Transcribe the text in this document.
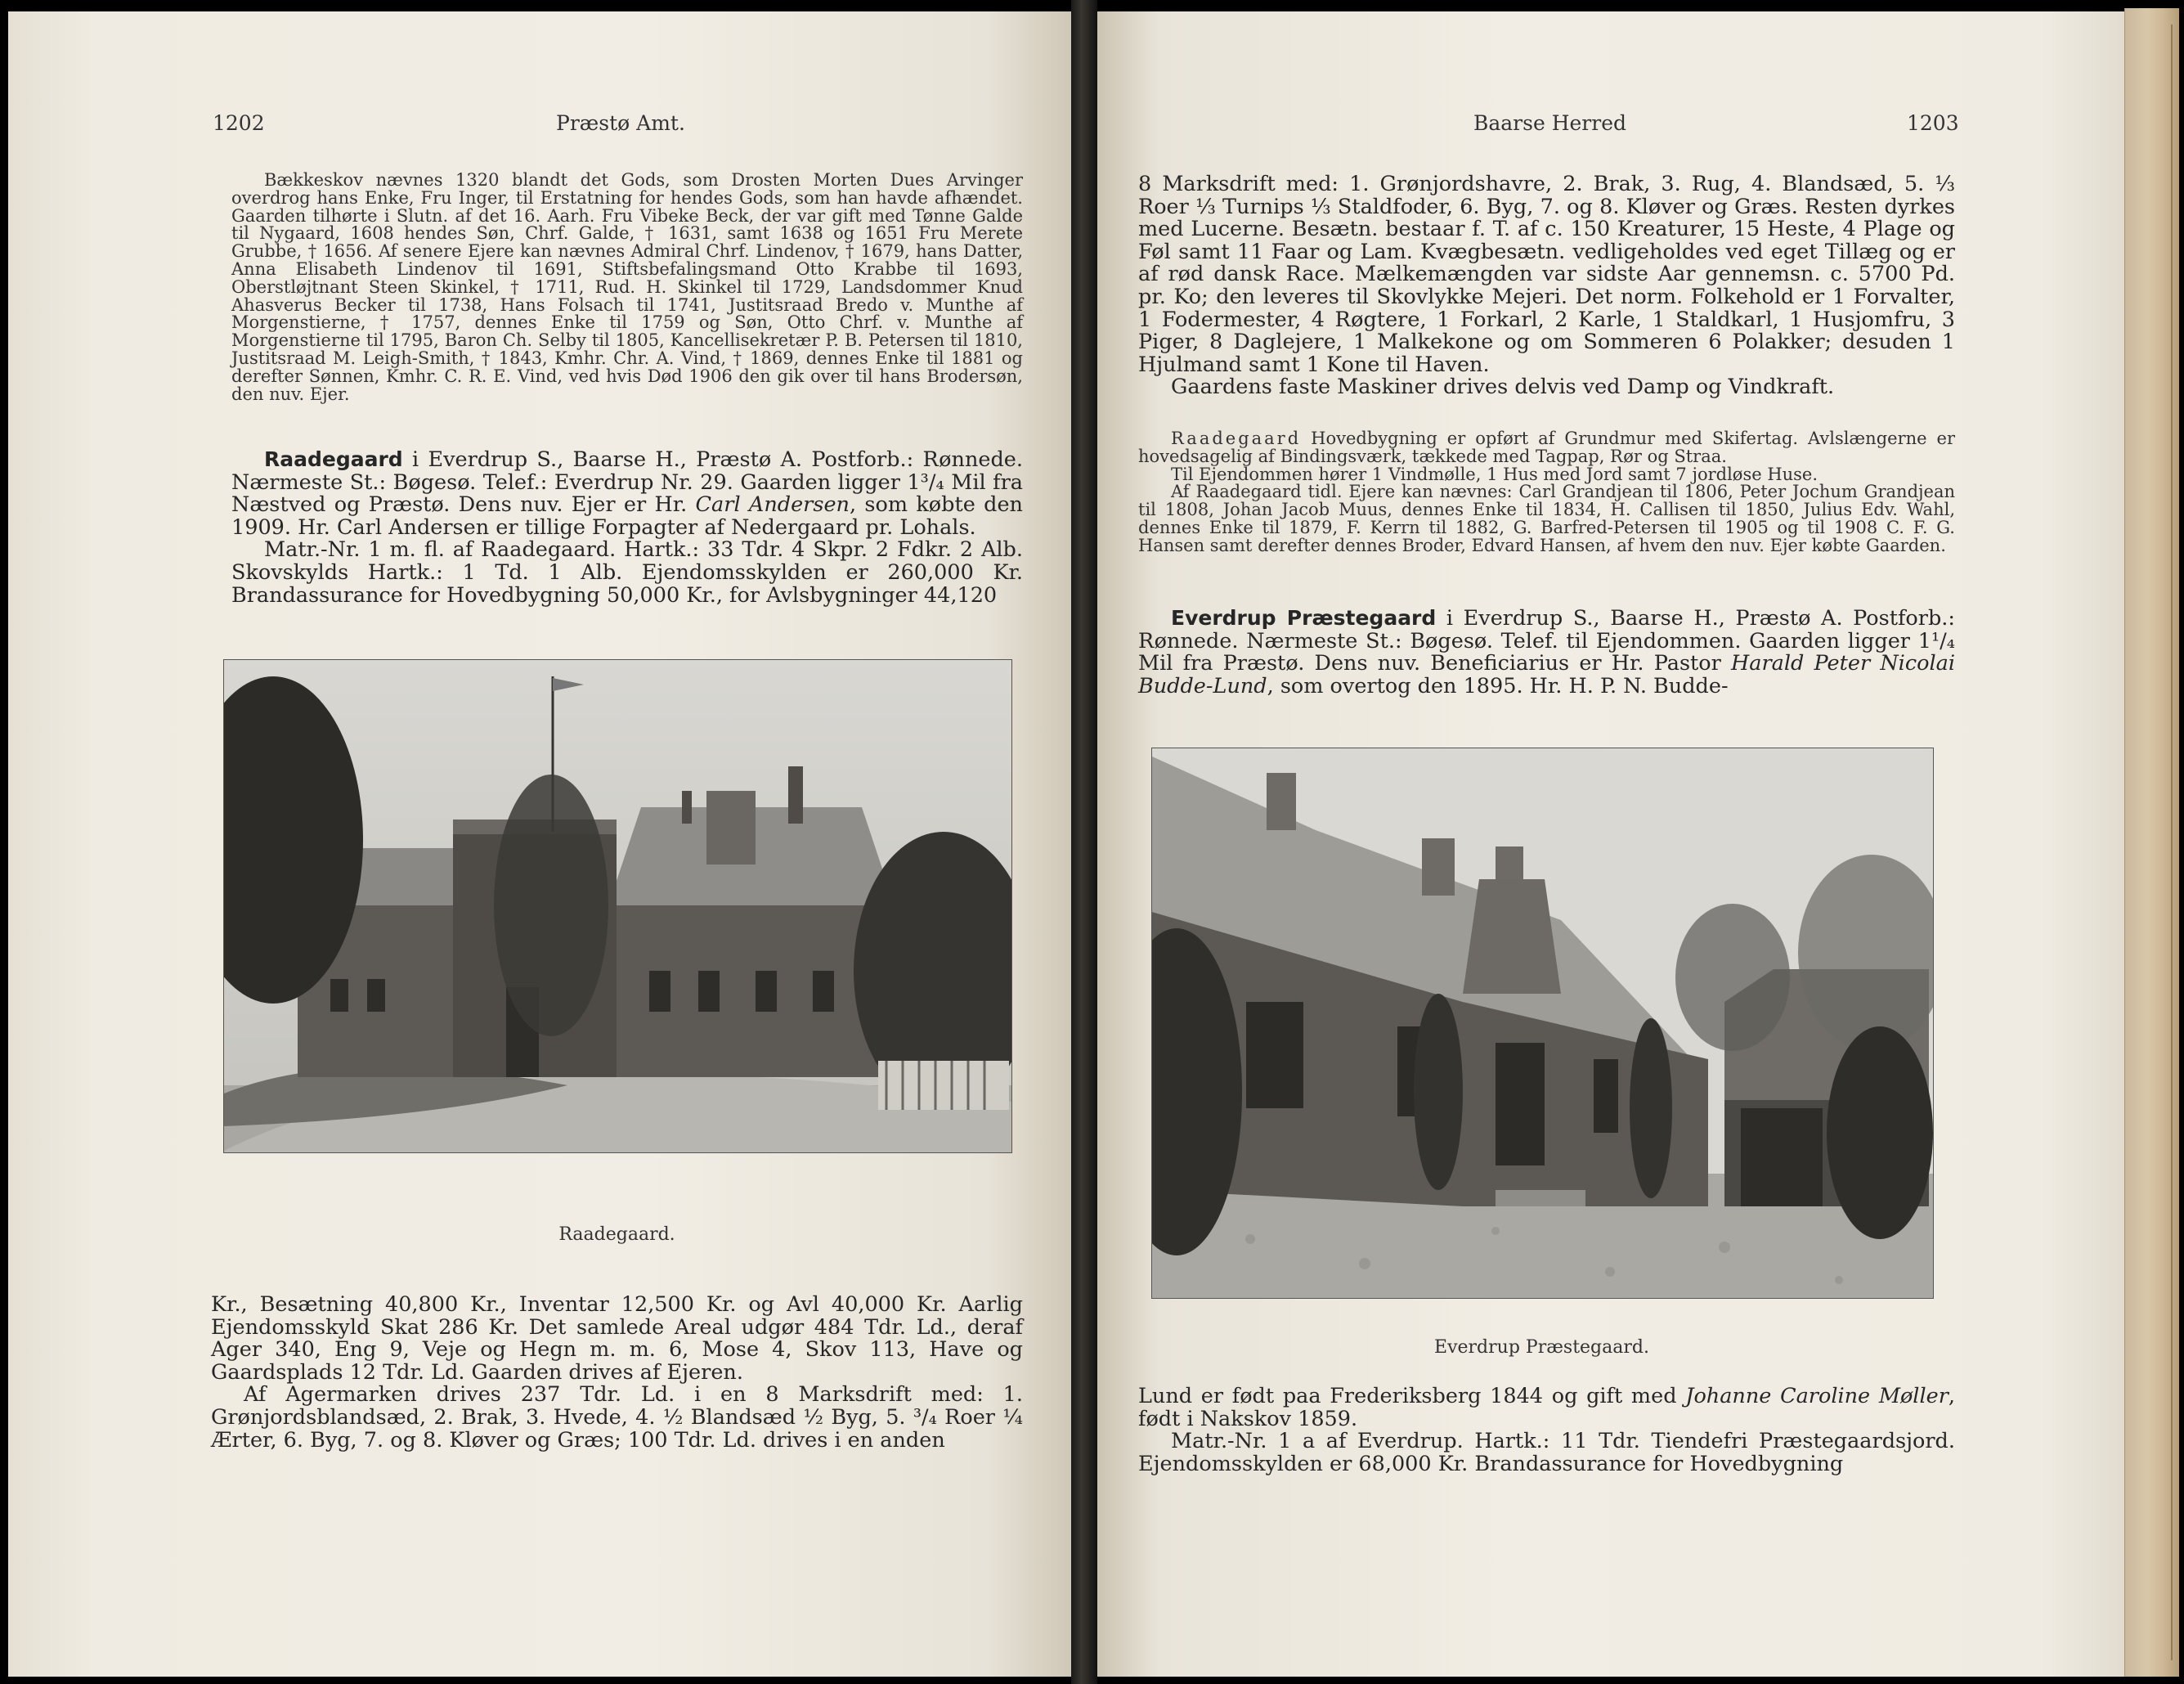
1202	Præstø Amt.

Bækkeskov nævnes 1320 blandt det Gods, som Drosten Morten Dues Arvinger overdrog hans Enke, Fru Inger, til Erstatning for hendes Gods, som han havde afhændet. Gaarden tilhørte i Slutn. af det 16. Aarh. Fru Vibeke Beck, der var gift med Tønne Galde til Nygaard, 1608 hendes Søn, Chrf. Galde, † 1631, samt 1638 og 1651 Fru Merete Grubbe, † 1656. Af senere Ejere kan nævnes Admiral Chrf. Lindenov, † 1679, hans Datter, Anna Elisabeth Lindenov til 1691, Stiftsbefalingsmand Otto Krabbe til 1693, Oberstløjtnant Steen Skinkel, † 1711, Rud. H. Skinkel til 1729, Landsdommer Knud Ahasverus Becker til 1738, Hans Folsach til 1741, Justitsraad Bredo v. Munthe af Morgenstierne, † 1757, dennes Enke til 1759 og Søn, Otto Chrf. v. Munthe af Morgenstierne til 1795, Baron Ch. Selby til 1805, Kancellisekretær P. B. Petersen til 1810, Justitsraad M. Leigh-Smith, † 1843, Kmhr. Chr. A. Vind, † 1869, dennes Enke til 1881 og derefter Sønnen, Kmhr. C. R. E. Vind, ved hvis Død 1906 den gik over til hans Brodersøn, den nuv. Ejer.

Raadegaard i Everdrup S., Baarse H., Præstø A. Postforb.: Rønnede. Nærmeste St.: Bøgesø. Telef.: Everdrup Nr. 29. Gaarden ligger 1³/₄ Mil fra Næstved og Præstø. Dens nuv. Ejer er Hr. Carl Andersen, som købte den 1909. Hr. Carl Andersen er tillige Forpagter af Nedergaard pr. Lohals.

Matr.-Nr. 1 m. fl. af Raadegaard. Hartk.: 33 Tdr. 4 Skpr. 2 Fdkr. 2 Alb. Skovskylds Hartk.: 1 Td. 1 Alb. Ejendomsskylden er 260,000 Kr. Brandassurance for Hovedbygning 50,000 Kr., for Avlsbygninger 44,120

Raadegaard.

Kr., Besætning 40,800 Kr., Inventar 12,500 Kr. og Avl 40,000 Kr. Aarlig Ejendomsskyld Skat 286 Kr. Det samlede Areal udgør 484 Tdr. Ld., deraf Ager 340, Eng 9, Veje og Hegn m. m. 6, Mose 4, Skov 113, Have og Gaardsplads 12 Tdr. Ld. Gaarden drives af Ejeren.

Af Agermarken drives 237 Tdr. Ld. i en 8 Marksdrift med: 1. Grønjordsblandsæd, 2. Brak, 3. Hvede, 4. ½ Blandsæd ½ Byg, 5. ³/₄ Roer ¼ Ærter, 6. Byg, 7. og 8. Kløver og Græs; 100 Tdr. Ld. drives i en anden

Baarse Herred	1203

8 Marksdrift med: 1. Grønjordshavre, 2. Brak, 3. Rug, 4. Blandsæd, 5. ⅓ Roer ⅓ Turnips ⅓ Staldfoder, 6. Byg, 7. og 8. Kløver og Græs. Resten dyrkes med Lucerne. Besætn. bestaar f. T. af c. 150 Kreaturer, 15 Heste, 4 Plage og Føl samt 11 Faar og Lam. Kvægbesætn. vedligeholdes ved eget Tillæg og er af rød dansk Race. Mælkemængden var sidste Aar gennemsn. c. 5700 Pd. pr. Ko; den leveres til Skovlykke Mejeri. Det norm. Folkehold er 1 Forvalter, 1 Fodermester, 4 Røgtere, 1 Forkarl, 2 Karle, 1 Staldkarl, 1 Husjomfru, 3 Piger, 8 Daglejere, 1 Malkekone og om Sommeren 6 Polakker; desuden 1 Hjulmand samt 1 Kone til Haven.

Gaardens faste Maskiner drives delvis ved Damp og Vindkraft.

Raadegaard Hovedbygning er opført af Grundmur med Skifertag. Avlslængerne er hovedsagelig af Bindingsværk, tækkede med Tagpap, Rør og Straa.

Til Ejendommen hører 1 Vindmølle, 1 Hus med Jord samt 7 jordløse Huse.

Af Raadegaard tidl. Ejere kan nævnes: Carl Grandjean til 1806, Peter Jochum Grandjean til 1808, Johan Jacob Muus, dennes Enke til 1834, H. Callisen til 1850, Julius Edv. Wahl, dennes Enke til 1879, F. Kerrn til 1882, G. Barfred-Petersen til 1905 og til 1908 C. F. G. Hansen samt derefter dennes Broder, Edvard Hansen, af hvem den nuv. Ejer købte Gaarden.

Everdrup Præstegaard i Everdrup S., Baarse H., Præstø A. Postforb.: Rønnede. Nærmeste St.: Bøgesø. Telef. til Ejendommen. Gaarden ligger 1¹/₄ Mil fra Præstø. Dens nuv. Beneficiarius er Hr. Pastor Harald Peter Nicolai Budde-Lund, som overtog den 1895. Hr. H. P. N. Budde-

Everdrup Præstegaard.

Lund er født paa Frederiksberg 1844 og gift med Johanne Caroline Møller, født i Nakskov 1859.

Matr.-Nr. 1 a af Everdrup. Hartk.: 11 Tdr. Tiendefri Præstegaardsjord. Ejendomsskylden er 68,000 Kr. Brandassurance for Hovedbygning
